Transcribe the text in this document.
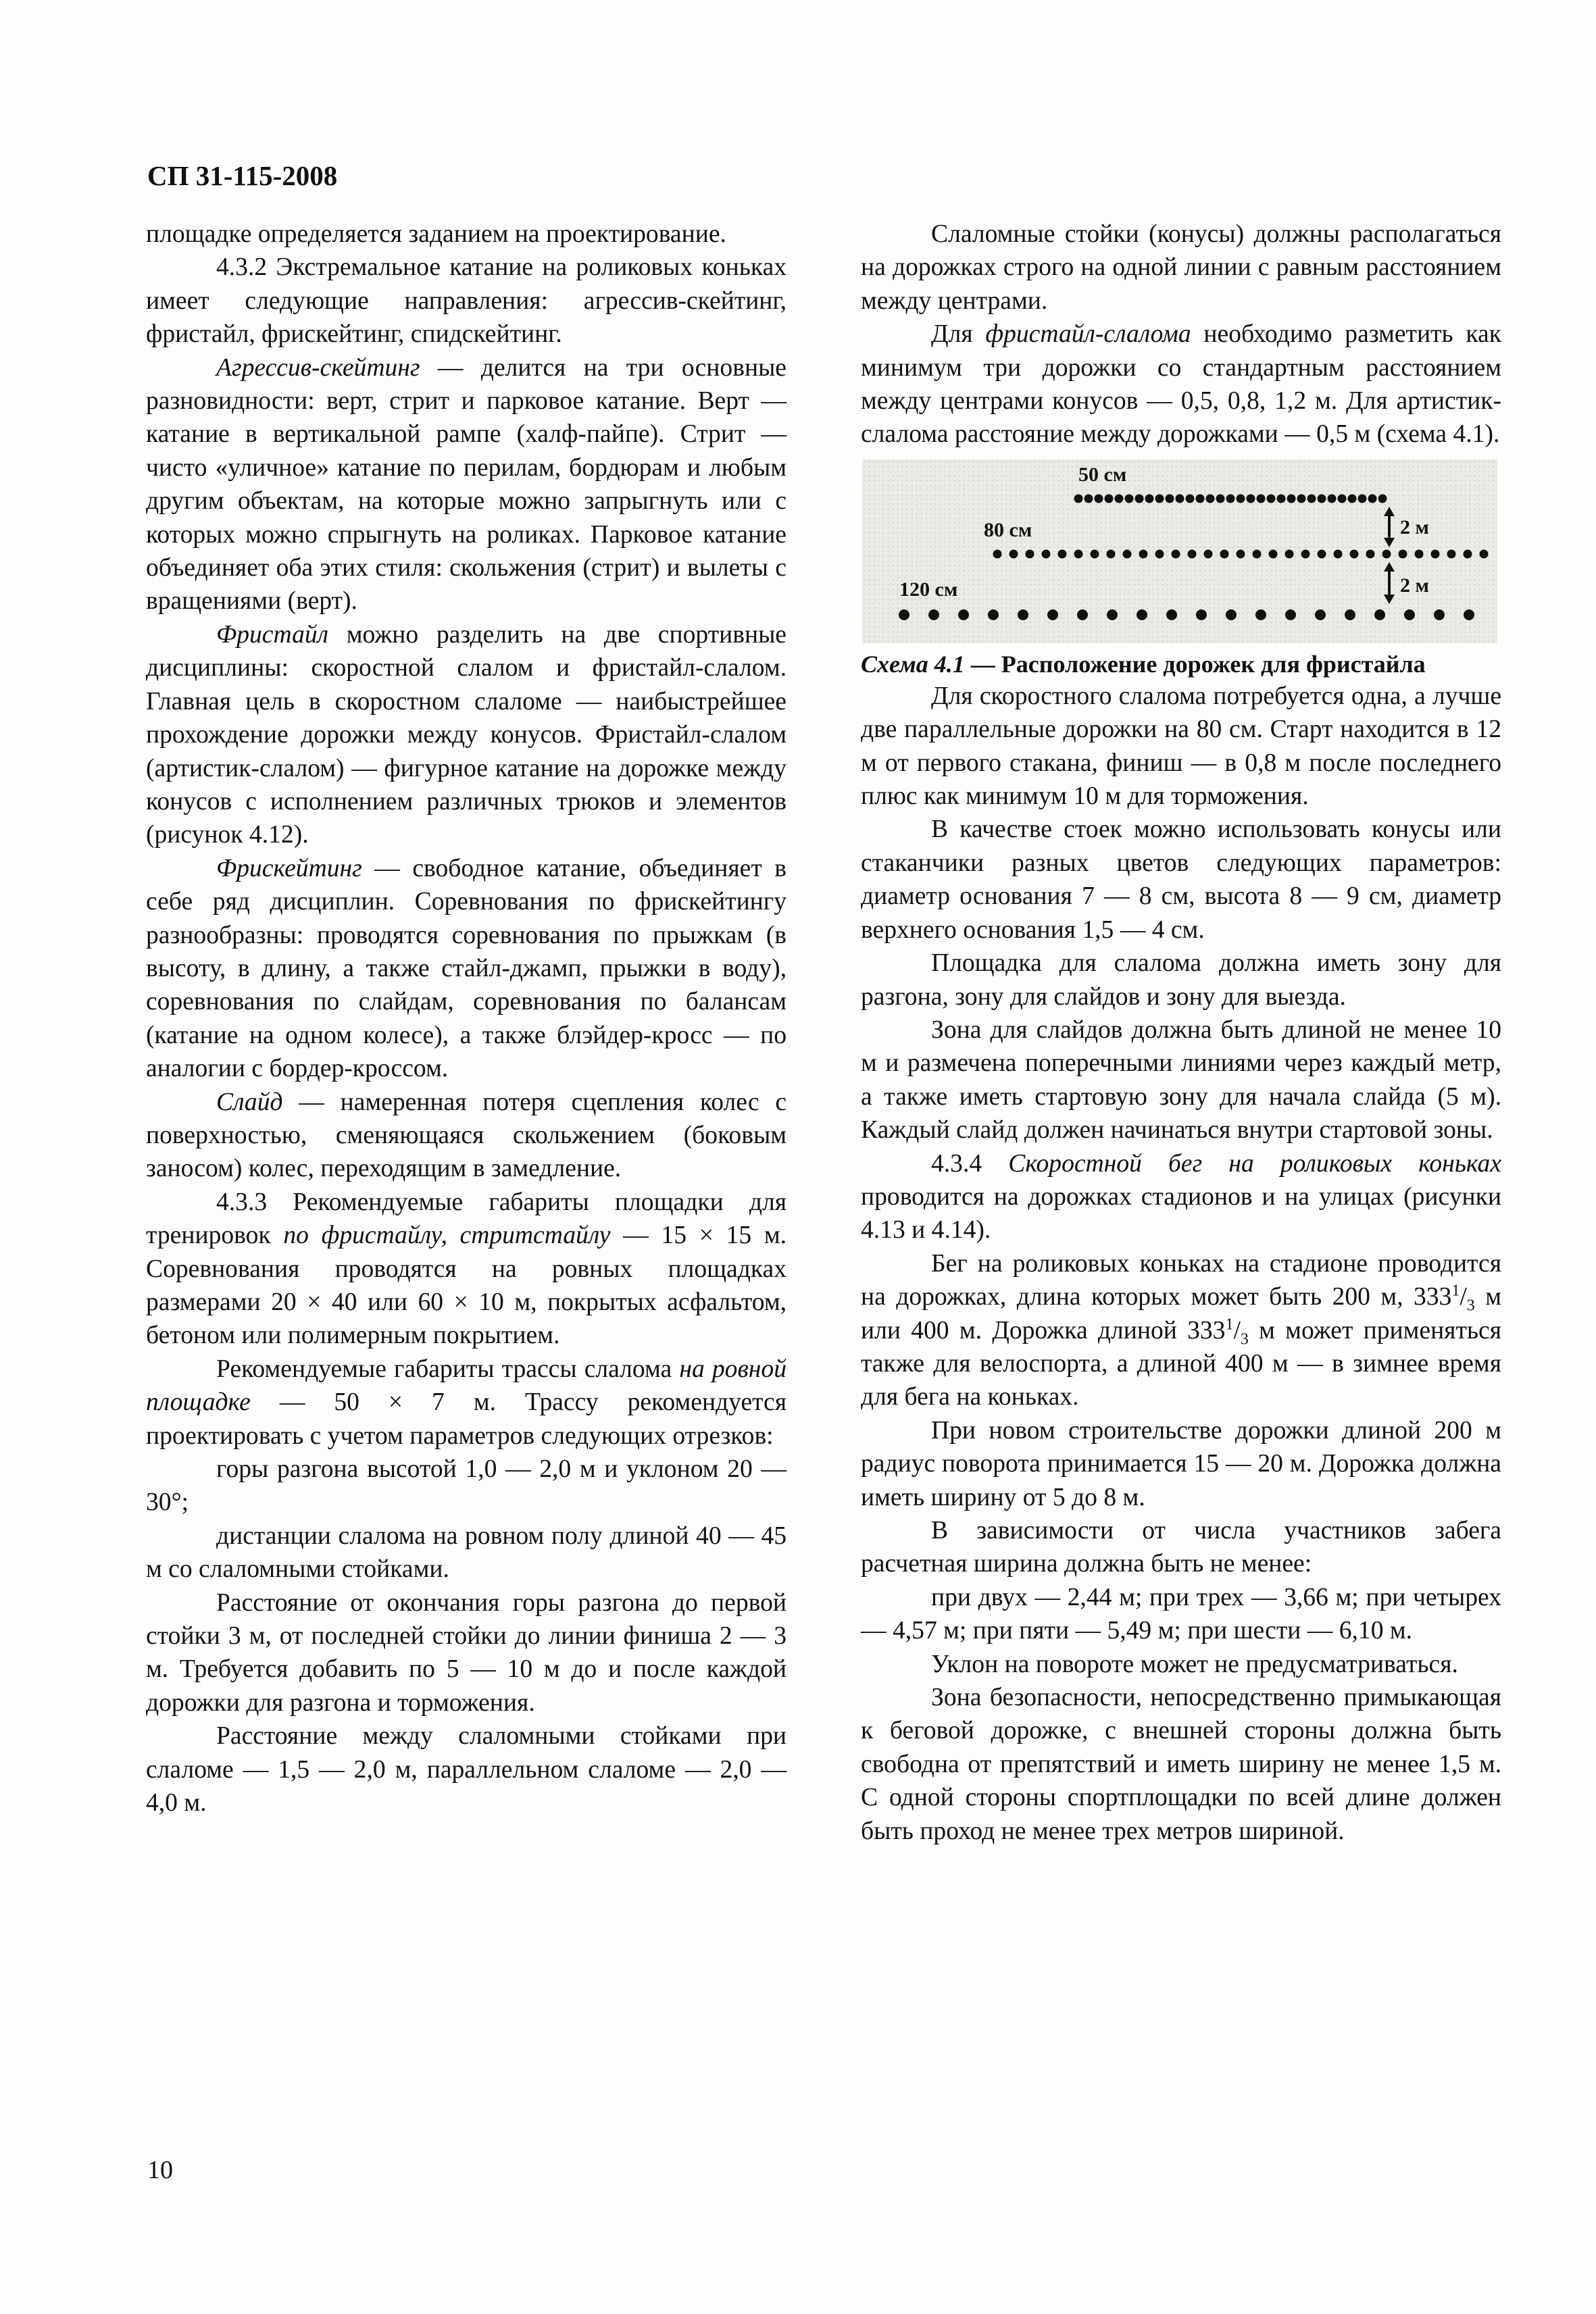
СП 31-115-2008

площадке определяется заданием на проектирование.

4.3.2 Экстремальное катание на роликовых коньках имеет следующие направления: агрессив-скейтинг, фристайл, фрискейтинг, спидскейтинг.

Агрессив-скейтинг — делится на три основные разновидности: верт, стрит и парковое катание. Верт — катание в вертикальной рампе (халф-пайпе). Стрит — чисто «уличное» катание по перилам, бордюрам и любым другим объектам, на которые можно запрыгнуть или с которых можно спрыгнуть на роликах. Парковое катание объединяет оба этих стиля: скольжения (стрит) и вылеты с вращениями (верт).

Фристайл можно разделить на две спортивные дисциплины: скоростной слалом и фристайл-слалом. Главная цель в скоростном слаломе — наибыстрейшее прохождение дорожки между конусов. Фристайл-слалом (артистик-слалом) — фигурное катание на дорожке между конусов с исполнением различных трюков и элементов (рисунок 4.12).

Фрискейтинг — свободное катание, объединяет в себе ряд дисциплин. Соревнования по фрискейтингу разнообразны: проводятся соревнования по прыжкам (в высоту, в длину, а также стайл-джамп, прыжки в воду), соревнования по слайдам, соревнования по балансам (катание на одном колесе), а также блэйдер-кросс — по аналогии с бордер-кроссом.

Слайд — намеренная потеря сцепления колес с поверхностью, сменяющаяся скольжением (боковым заносом) колес, переходящим в замедление.

4.3.3 Рекомендуемые габариты площадки для тренировок по фристайлу, стритстайлу — 15 × 15 м. Соревнования проводятся на ровных площадках размерами 20 × 40 или 60 × 10 м, покрытых асфальтом, бетоном или полимерным покрытием.

Рекомендуемые габариты трассы слалома на ровной площадке — 50 × 7 м. Трассу рекомендуется проектировать с учетом параметров следующих отрезков:

горы разгона высотой 1,0 — 2,0 м и уклоном 20 — 30°;

дистанции слалома на ровном полу длиной 40 — 45 м со слаломными стойками.

Расстояние от окончания горы разгона до первой стойки 3 м, от последней стойки до линии финиша 2 — 3 м. Требуется добавить по 5 — 10 м до и после каждой дорожки для разгона и торможения.

Расстояние между слаломными стойками при слаломе — 1,5 — 2,0 м, параллельном слаломе — 2,0 — 4,0 м.

Слаломные стойки (конусы) должны располагаться на дорожках строго на одной линии с равным расстоянием между центрами.

Для фристайл-слалома необходимо разметить как минимум три дорожки со стандартным расстоянием между центрами конусов — 0,5, 0,8, 1,2 м. Для артистик-слалома расстояние между дорожками — 0,5 м (схема 4.1).

50 см
80 см
120 см
2 м
2 м

Схема 4.1 — Расположение дорожек для фристайла

Для скоростного слалома потребуется одна, а лучше две параллельные дорожки на 80 см. Старт находится в 12 м от первого стакана, финиш — в 0,8 м после последнего плюс как минимум 10 м для торможения.

В качестве стоек можно использовать конусы или стаканчики разных цветов следующих параметров: диаметр основания 7 — 8 см, высота 8 — 9 см, диаметр верхнего основания 1,5 — 4 см.

Площадка для слалома должна иметь зону для разгона, зону для слайдов и зону для выезда.

Зона для слайдов должна быть длиной не менее 10 м и размечена поперечными линиями через каждый метр, а также иметь стартовую зону для начала слайда (5 м). Каждый слайд должен начинаться внутри стартовой зоны.

4.3.4 Скоростной бег на роликовых коньках проводится на дорожках стадионов и на улицах (рисунки 4.13 и 4.14).

Бег на роликовых коньках на стадионе проводится на дорожках, длина которых может быть 200 м, $333^1/_3$ м или 400 м. Дорожка длиной $333^1/_3$ м может применяться также для велоспорта, а длиной 400 м — в зимнее время для бега на коньках.

При новом строительстве дорожки длиной 200 м радиус поворота принимается 15 — 20 м. Дорожка должна иметь ширину от 5 до 8 м.

В зависимости от числа участников забега расчетная ширина должна быть не менее:

при двух — 2,44 м; при трех — 3,66 м; при четырех — 4,57 м; при пяти — 5,49 м; при шести — 6,10 м.

Уклон на повороте может не предусматриваться.

Зона безопасности, непосредственно примыкающая к беговой дорожке, с внешней стороны должна быть свободна от препятствий и иметь ширину не менее 1,5 м. С одной стороны спортплощадки по всей длине должен быть проход не менее трех метров шириной.

10
